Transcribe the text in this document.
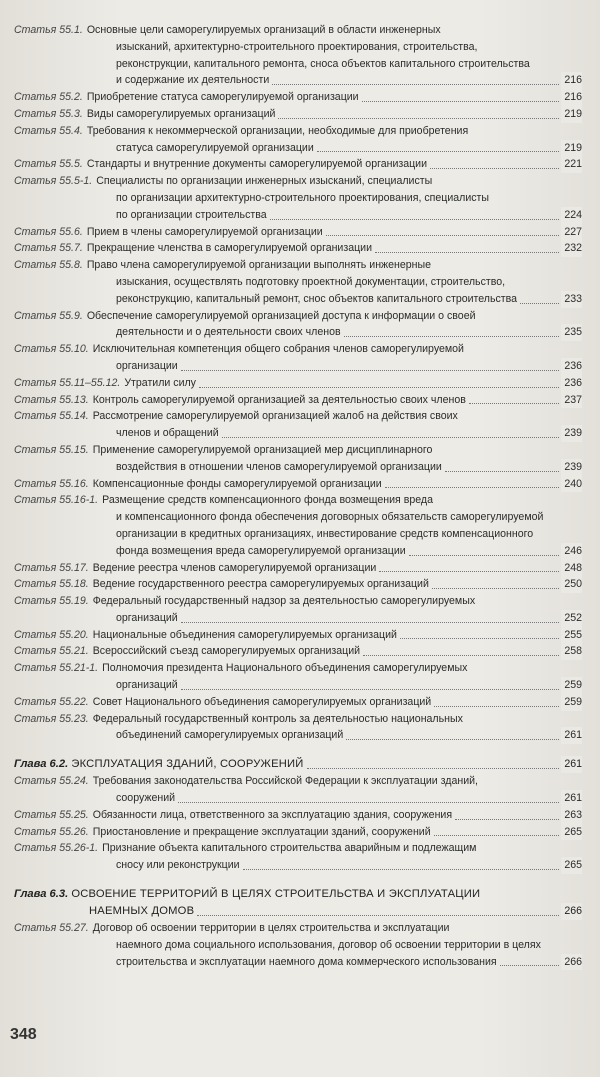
Статья 55.1. Основные цели саморегулируемых организаций в области инженерных
изысканий, архитектурно-строительного проектирования, строительства,
реконструкции, капитального ремонта, сноса объектов капитального строительства
и содержание их деятельности	216
Статья 55.2. Приобретение статуса саморегулируемой организации	216
Статья 55.3. Виды саморегулируемых организаций	219
Статья 55.4. Требования к некоммерческой организации, необходимые для приобретения
статуса саморегулируемой организации	219
Статья 55.5. Стандарты и внутренние документы саморегулируемой организации	221
Статья 55.5-1. Специалисты по организации инженерных изысканий, специалисты
по организации архитектурно-строительного проектирования, специалисты
по организации строительства	224
Статья 55.6. Прием в члены саморегулируемой организации	227
Статья 55.7. Прекращение членства в саморегулируемой организации	232
Статья 55.8. Право члена саморегулируемой организации выполнять инженерные
изыскания, осуществлять подготовку проектной документации, строительство,
реконструкцию, капитальный ремонт, снос объектов капитального строительства	233
Статья 55.9. Обеспечение саморегулируемой организацией доступа к информации о своей
деятельности и о деятельности своих членов	235
Статья 55.10. Исключительная компетенция общего собрания членов саморегулируемой
организации	236
Статья 55.11–55.12. Утратили силу	236
Статья 55.13. Контроль саморегулируемой организацией за деятельностью своих членов	237
Статья 55.14. Рассмотрение саморегулируемой организацией жалоб на действия своих
членов и обращений	239
Статья 55.15. Применение саморегулируемой организацией мер дисциплинарного
воздействия в отношении членов саморегулируемой организации	239
Статья 55.16. Компенсационные фонды саморегулируемой организации	240
Статья 55.16-1. Размещение средств компенсационного фонда возмещения вреда
и компенсационного фонда обеспечения договорных обязательств саморегулируемой
организации в кредитных организациях, инвестирование средств компенсационного
фонда возмещения вреда саморегулируемой организации	246
Статья 55.17. Ведение реестра членов саморегулируемой организации	248
Статья 55.18. Ведение государственного реестра саморегулируемых организаций	250
Статья 55.19. Федеральный государственный надзор за деятельностью саморегулируемых
организаций	252
Статья 55.20. Национальные объединения саморегулируемых организаций	255
Статья 55.21. Всероссийский съезд саморегулируемых организаций	258
Статья 55.21-1. Полномочия президента Национального объединения саморегулируемых
организаций	259
Статья 55.22. Совет Национального объединения саморегулируемых организаций	259
Статья 55.23. Федеральный государственный контроль за деятельностью национальных
объединений саморегулируемых организаций	261
Глава 6.2. ЭКСПЛУАТАЦИЯ ЗДАНИЙ, СООРУЖЕНИЙ	261
Статья 55.24. Требования законодательства Российской Федерации к эксплуатации зданий,
сооружений	261
Статья 55.25. Обязанности лица, ответственного за эксплуатацию здания, сооружения	263
Статья 55.26. Приостановление и прекращение эксплуатации зданий, сооружений	265
Статья 55.26-1. Признание объекта капитального строительства аварийным и подлежащим
сносу или реконструкции	265
Глава 6.3. ОСВОЕНИЕ ТЕРРИТОРИЙ В ЦЕЛЯХ СТРОИТЕЛЬСТВА И ЭКСПЛУАТАЦИИ
НАЕМНЫХ ДОМОВ	266
Статья 55.27. Договор об освоении территории в целях строительства и эксплуатации
наемного дома социального использования, договор об освоении территории в целях
строительства и эксплуатации наемного дома коммерческого использования	266
348
